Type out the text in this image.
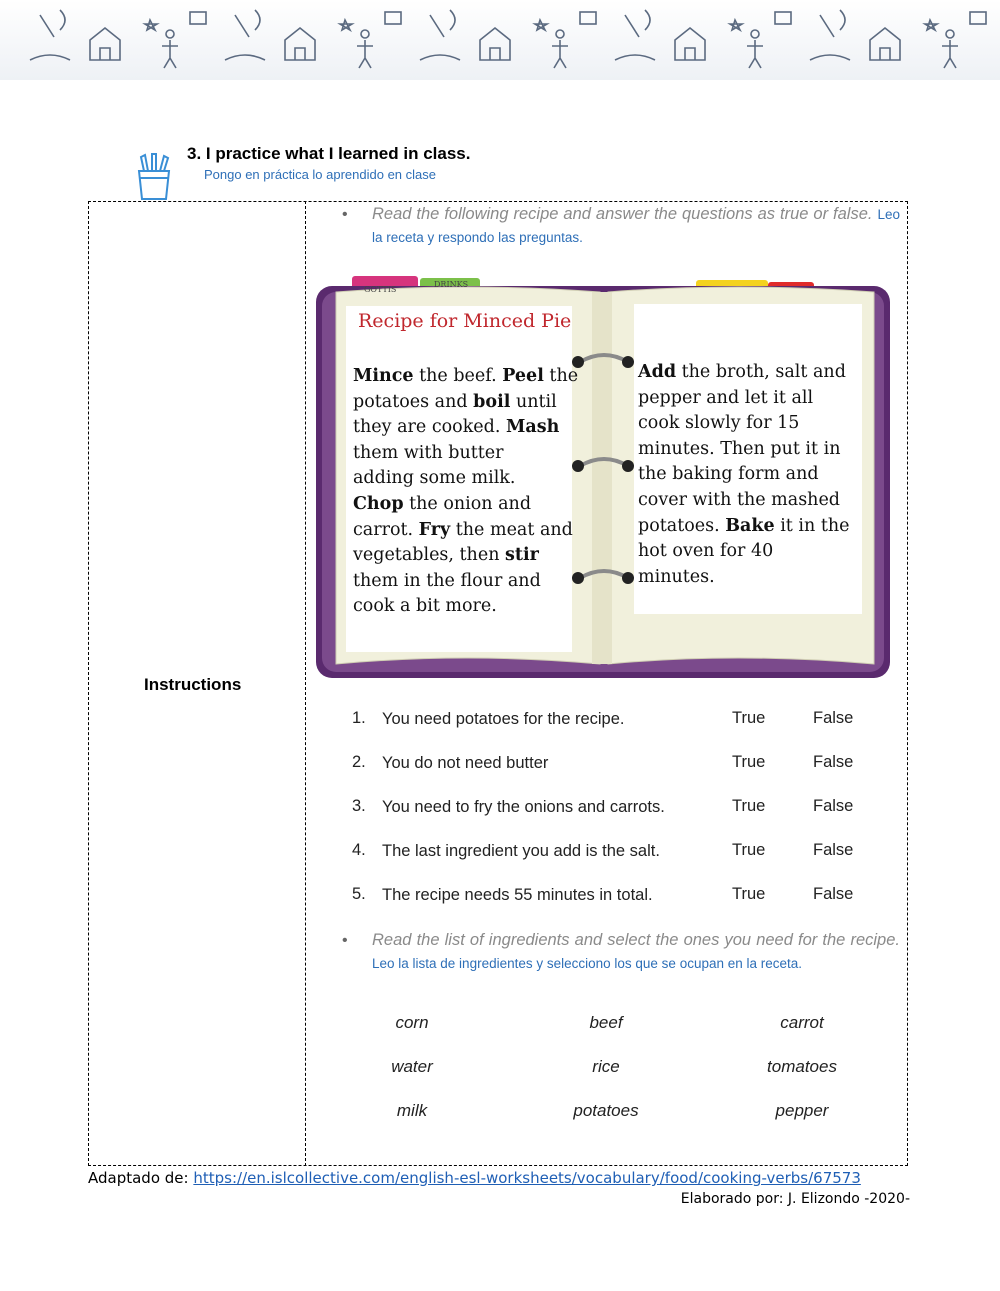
3. I practice what I learned in class.
Pongo en práctica lo aprendido en clase
Instructions
• Read the following recipe and answer the questions as true or false. Leo la receta y respondo las preguntas.
GOTTIS
DRINKS
Recipe for Minced Pie
Mince the beef. Peel the
potatoes and boil until
they are cooked. Mash
them with butter
adding some milk.
Chop the onion and
carrot. Fry the meat and
vegetables, then stir
them in the flour and
cook a bit more.
Add the broth, salt and
pepper and let it all
cook slowly for 15
minutes. Then put it in
the baking form and
cover with the mashed
potatoes. Bake it in the
hot oven for 40
minutes.
1. You need potatoes for the recipe.	True	False
2. You do not need butter	True	False
3. You need to fry the onions and carrots.	True	False
4. The last ingredient you add is the salt.	True	False
5. The recipe needs 55 minutes in total.	True	False
• Read the list of ingredients and select the ones you need for the recipe. Leo la lista de ingredientes y selecciono los que se ocupan en la receta.
corn	beef	carrot
water	rice	tomatoes
milk	potatoes	pepper
Adaptado de: https://en.islcollective.com/english-esl-worksheets/vocabulary/food/cooking-verbs/67573
Elaborado por: J. Elizondo -2020-
